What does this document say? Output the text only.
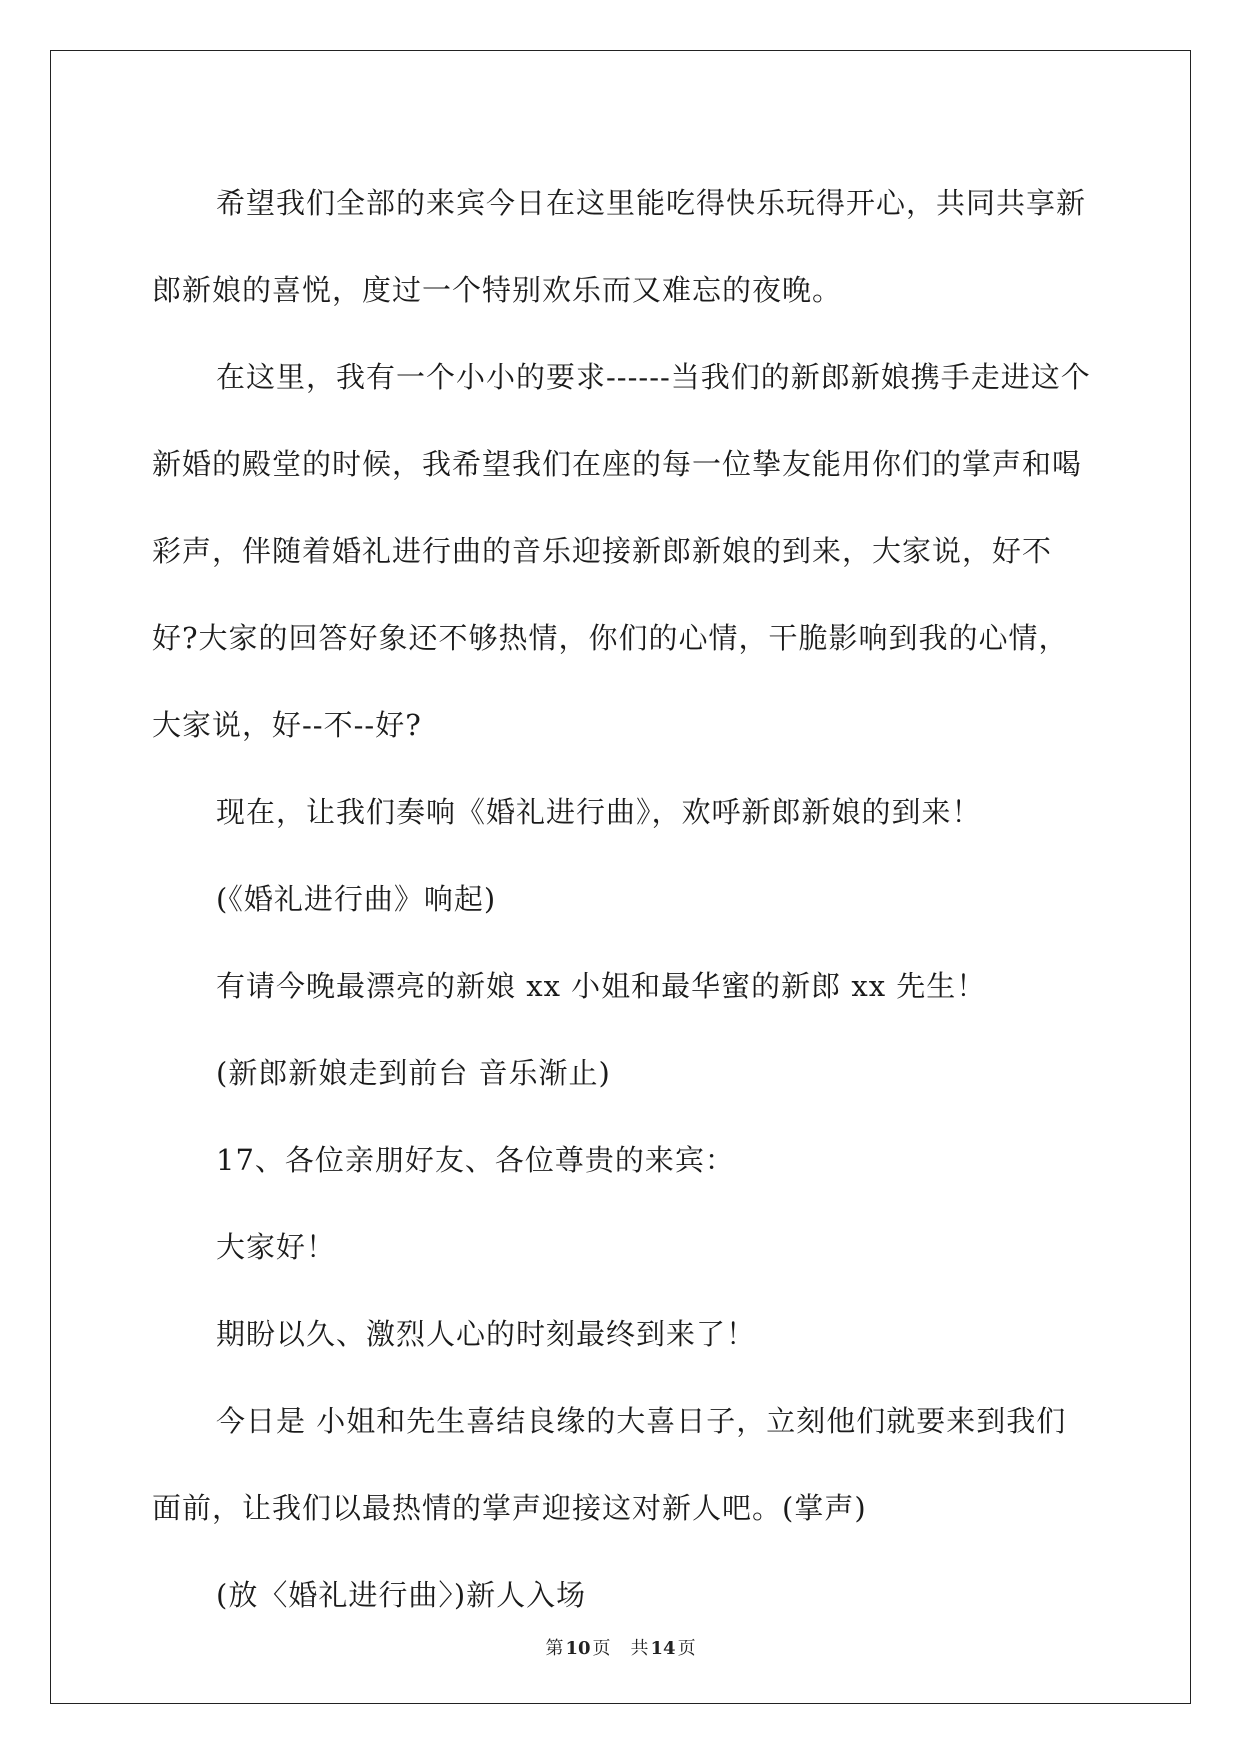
希望我们全部的来宾今日在这里能吃得快乐玩得开心，共同共享新郎新娘的喜悦，度过一个特别欢乐而又难忘的夜晚。

在这里，我有一个小小的要求------当我们的新郎新娘携手走进这个新婚的殿堂的时候，我希望我们在座的每一位挚友能用你们的掌声和喝彩声，伴随着婚礼进行曲的音乐迎接新郎新娘的到来，大家说，好不好?大家的回答好象还不够热情，你们的心情，干脆影响到我的心情，大家说，好--不--好?

现在，让我们奏响《婚礼进行曲》，欢呼新郎新娘的到来！

(《婚礼进行曲》响起)

有请今晚最漂亮的新娘 xx 小姐和最华蜜的新郎 xx 先生！

(新郎新娘走到前台 音乐渐止)

17、各位亲朋好友、各位尊贵的来宾：

大家好！

期盼以久、激烈人心的时刻最终到来了！

今日是 小姐和先生喜结良缘的大喜日子，立刻他们就要来到我们面前，让我们以最热情的掌声迎接这对新人吧。(掌声)

(放〈婚礼进行曲〉)新人入场

第 10 页 共 14 页
